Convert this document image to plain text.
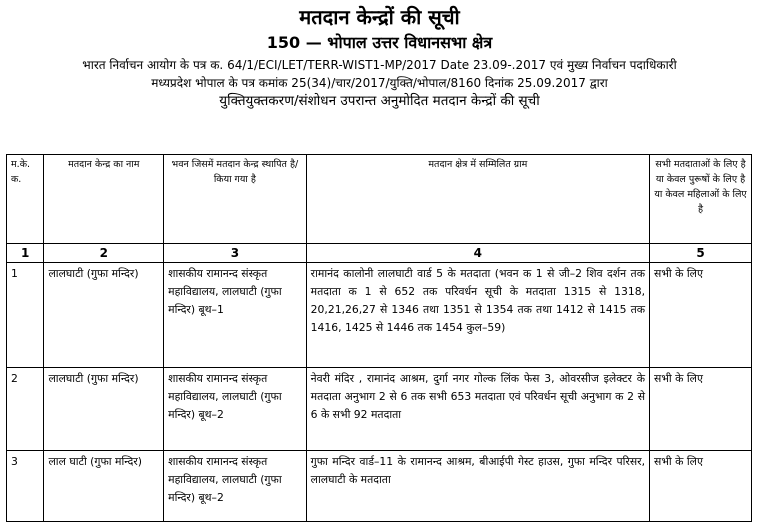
मतदान केन्द्रों की सूची
150 — भोपाल उत्तर विधानसभा क्षेत्र
भारत निर्वाचन आयोग के पत्र क. 64/1/ECI/LET/TERR-WIST1-MP/2017 Date 23.09-.2017 एवं मुख्य निर्वाचन पदाधिकारी
मध्यप्रदेश भोपाल के पत्र कमांक 25(34)/चार/2017/युक्ति/भोपाल/8160 दिनांक 25.09.2017 द्वारा
युक्तियुक्तकरण/संशोधन उपरान्त अनुमोदित मतदान केन्द्रों की सूची
म.के. क.	मतदान केन्द्र का नाम	भवन जिसमें मतदान केन्द्र स्थापित है/किया गया है	मतदान क्षेत्र में सम्मिलित ग्राम	सभी मतदाताओं के लिए है या केवल पुरूषों के लिए है या केवल महिलाओं के लिए है
1	2	3	4	5
1	लालघाटी (गुफा मन्दिर)	शासकीय रामानन्द संस्कृत महाविद्यालय, लालघाटी (गुफा मन्दिर) बूथ–1	रामानंद कालोनी लालघाटी वार्ड 5 के मतदाता (भवन क 1 से जी–2 शिव दर्शन तक मतदाता क 1 से 652 तक परिवर्धन सूची के मतदाता 1315 से 1318, 20,21,26,27 से 1346 तथा 1351 से 1354 तक तथा 1412 से 1415 तक 1416, 1425 से 1446 तक 1454 कुल–59)	सभी के लिए
2	लालघाटी (गुफा मन्दिर)	शासकीय रामानन्द संस्कृत महाविद्यालय, लालघाटी (गुफा मन्दिर) बूथ–2	नेवरी मंदिर , रामानंद आश्रम, दुर्गा नगर गोल्क लिंक फेस 3, ओवरसीज इलेक्टर के मतदाता अनुभाग 2 से 6 तक सभी 653 मतदाता एवं परिवर्धन सूची अनुभाग क 2 से 6 के सभी 92 मतदाता	सभी के लिए
3	लाल घाटी (गुफा मन्दिर)	शासकीय रामानन्द संस्कृत महाविद्यालय, लालघाटी (गुफा मन्दिर) बूथ–2	गुफा मन्दिर वार्ड–11 के रामानन्द आश्रम, बीआईपी गेस्ट हाउस, गुफा मन्दिर परिसर, लालघाटी के मतदाता	सभी के लिए
